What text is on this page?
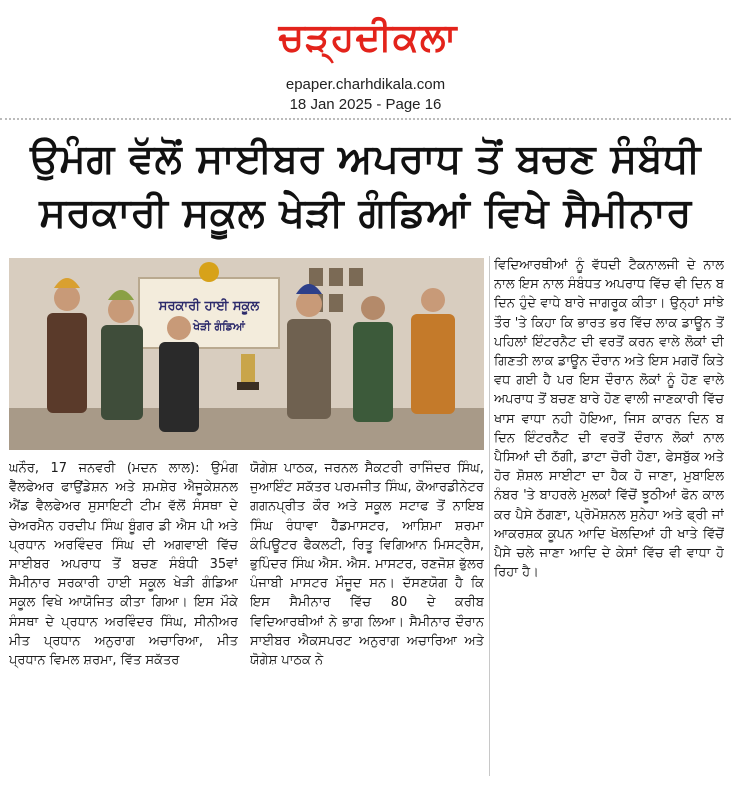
ਚੜ੍ਹਦੀਕਲਾ
epaper.charhdikala.com
18 Jan 2025 - Page 16
ਉਮੰਗ ਵੱਲੋਂ ਸਾਈਬਰ ਅਪਰਾਧ ਤੋਂ ਬਚਣ ਸੰਬੰਧੀ
ਸਰਕਾਰੀ ਸਕੂਲ ਖੇੜੀ ਗੰਡਿਆਂ ਵਿਖੇ ਸੈਮੀਨਾਰ
ਸਰਕਾਰੀ ਹਾਈ ਸਕੂਲ
ਖੇੜੀ ਗੰਡਿਆਂ

ਘਨੌਰ, 17 ਜਨਵਰੀ (ਮਦਨ ਲਾਲ): ਉਮੰਗ ਵੈੱਲਫੇਅਰ ਫਾਉਂਡੇਸ਼ਨ ਅਤੇ ਸ਼ਮਸ਼ੇਰ ਐਜੂਕੇਸ਼ਨਲ ਐਂਡ ਵੈਲਫੇਅਰ ਸੁਸਾਇਟੀ ਟੀਮ ਵੱਲੋਂ ਸੰਸਥਾ ਦੇ ਚੇਅਰਮੈਨ ਹਰਦੀਪ ਸਿੰਘ ਬੂੰਗਰ ਡੀ ਐਸ ਪੀ ਅਤੇ ਪ੍ਰਧਾਨ ਅਰਵਿੰਦਰ ਸਿੰਘ ਦੀ ਅਗਵਾਈ ਵਿੱਚ ਸਾਈਬਰ ਅਪਰਾਧ ਤੋਂ ਬਚਣ ਸੰਬੰਧੀ 35ਵਾਂ ਸੈਮੀਨਾਰ ਸਰਕਾਰੀ ਹਾਈ ਸਕੂਲ ਖੇੜੀ ਗੰਡਿਆ ਸਕੂਲ ਵਿਖੇ ਆਯੋਜਿਤ ਕੀਤਾ ਗਿਆ। ਇਸ ਮੌਕੇ ਸੰਸਥਾ ਦੇ ਪ੍ਰਧਾਨ ਅਰਵਿੰਦਰ ਸਿੰਘ, ਸੀਨੀਅਰ ਮੀਤ ਪ੍ਰਧਾਨ ਅਨੁਰਾਗ ਅਚਾਰਿਆ, ਮੀਤ ਪ੍ਰਧਾਨ ਵਿਮਲ ਸ਼ਰਮਾ, ਵਿੱਤ ਸਕੱਤਰ

ਯੋਗੇਸ਼ ਪਾਠਕ, ਜਰਨਲ ਸੈਕਟਰੀ ਰਾਜਿੰਦਰ ਸਿੰਘ, ਜੁਆਇੰਟ ਸਕੱਤਰ ਪਰਮਜੀਤ ਸਿੰਘ, ਕੋਆਰਡੀਨੇਟਰ ਗਗਨਪ੍ਰੀਤ ਕੌਰ ਅਤੇ ਸਕੂਲ ਸਟਾਫ ਤੋਂ ਨਾਇਬ ਸਿੰਘ ਰੰਧਾਵਾ ਹੈੱਡਮਾਸਟਰ, ਆਸ਼ਿਮਾ ਸ਼ਰਮਾ ਕੰਪਿਊਟਰ ਫੈਕਲਟੀ, ਰਿਤੂ ਵਿਗਿਆਨ ਮਿਸਟ੍ਰੈਸ, ਭੁਪਿੰਦਰ ਸਿੰਘ ਐਸ. ਐਸ. ਮਾਸਟਰ, ਰਣਜੋਸ਼ ਭੁੱਲਰ ਪੰਜਾਬੀ ਮਾਸਟਰ ਮੌਜੂਦ ਸਨ। ਦੱਸਣਯੋਗ ਹੈ ਕਿ ਇਸ ਸੈਮੀਨਾਰ ਵਿੱਚ 80 ਦੇ ਕਰੀਬ ਵਿਦਿਆਰਥੀਆਂ ਨੇ ਭਾਗ ਲਿਆ। ਸੈਮੀਨਾਰ ਦੌਰਾਨ ਸਾਈਬਰ ਐਕਸਪਰਟ ਅਨੁਰਾਗ ਅਚਾਰਿਆ ਅਤੇ ਯੋਗੇਸ਼ ਪਾਠਕ ਨੇ

ਵਿਦਿਆਰਥੀਆਂ ਨੂੰ ਵੱਧਦੀ ਟੈਕਨਾਲਜੀ ਦੇ ਨਾਲ ਨਾਲ ਇਸ ਨਾਲ ਸੰਬੰਧਤ ਅਪਰਾਧ ਵਿੱਚ ਵੀ ਦਿਨ ਬ ਦਿਨ ਹੁੰਦੇ ਵਾਧੇ ਬਾਰੇ ਜਾਗਰੂਕ ਕੀਤਾ। ਉਨ੍ਹਾਂ ਸਾਂਝੇ ਤੌਰ 'ਤੇ ਕਿਹਾ ਕਿ ਭਾਰਤ ਭਰ ਵਿੱਚ ਲਾਕ ਡਾਊਨ ਤੋਂ ਪਹਿਲਾਂ ਇੰਟਰਨੈਟ ਦੀ ਵਰਤੋਂ ਕਰਨ ਵਾਲੇ ਲੋਕਾਂ ਦੀ ਗਿਣਤੀ ਲਾਕ ਡਾਊਨ ਦੌਰਾਨ ਅਤੇ ਇਸ ਮਗਰੋਂ ਕਿਤੇ ਵਧ ਗਈ ਹੈ ਪਰ ਇਸ ਦੌਰਾਨ ਲੋਕਾਂ ਨੂੰ ਹੋਣ ਵਾਲੇ ਅਪਰਾਧ ਤੋਂ ਬਚਣ ਬਾਰੇ ਹੋਣ ਵਾਲੀ ਜਾਣਕਾਰੀ ਵਿੱਚ ਖਾਸ ਵਾਧਾ ਨਹੀ ਹੋਇਆ, ਜਿਸ ਕਾਰਨ ਦਿਨ ਬ ਦਿਨ ਇੰਟਰਨੈੱਟ ਦੀ ਵਰਤੋਂ ਦੌਰਾਨ ਲੋਕਾਂ ਨਾਲ ਪੈਸਿਆਂ ਦੀ ਠੱਗੀ, ਡਾਟਾ ਚੋਰੀ ਹੋਣਾ, ਫੇਸਬੁੱਕ ਅਤੇ ਹੋਰ ਸ਼ੋਸ਼ਲ ਸਾਈਟਾ ਦਾ ਹੈਕ ਹੋ ਜਾਣਾ, ਮੁਬਾਇਲ ਨੰਬਰ 'ਤੇ ਬਾਹਰਲੇ ਮੁਲਕਾਂ ਵਿੱਚੋਂ ਝੂਠੀਆਂ ਫੋਨ ਕਾਲ ਕਰ ਪੈਸੇ ਠੱਗਣਾ, ਪ੍ਰੋਮੋਸ਼ਨਲ ਸੁਨੇਹਾ ਅਤੇ ਫ੍ਰੀ ਜਾਂ ਆਕਰਸ਼ਕ ਕੂਪਨ ਆਦਿ ਖੋਲਦਿਆਂ ਹੀ ਖਾਤੇ ਵਿੱਚੋਂ ਪੈਸੇ ਚਲੇ ਜਾਣਾ ਆਦਿ ਦੇ ਕੇਸਾਂ ਵਿੱਚ ਵੀ ਵਾਧਾ ਹੋ ਰਿਹਾ ਹੈ।
